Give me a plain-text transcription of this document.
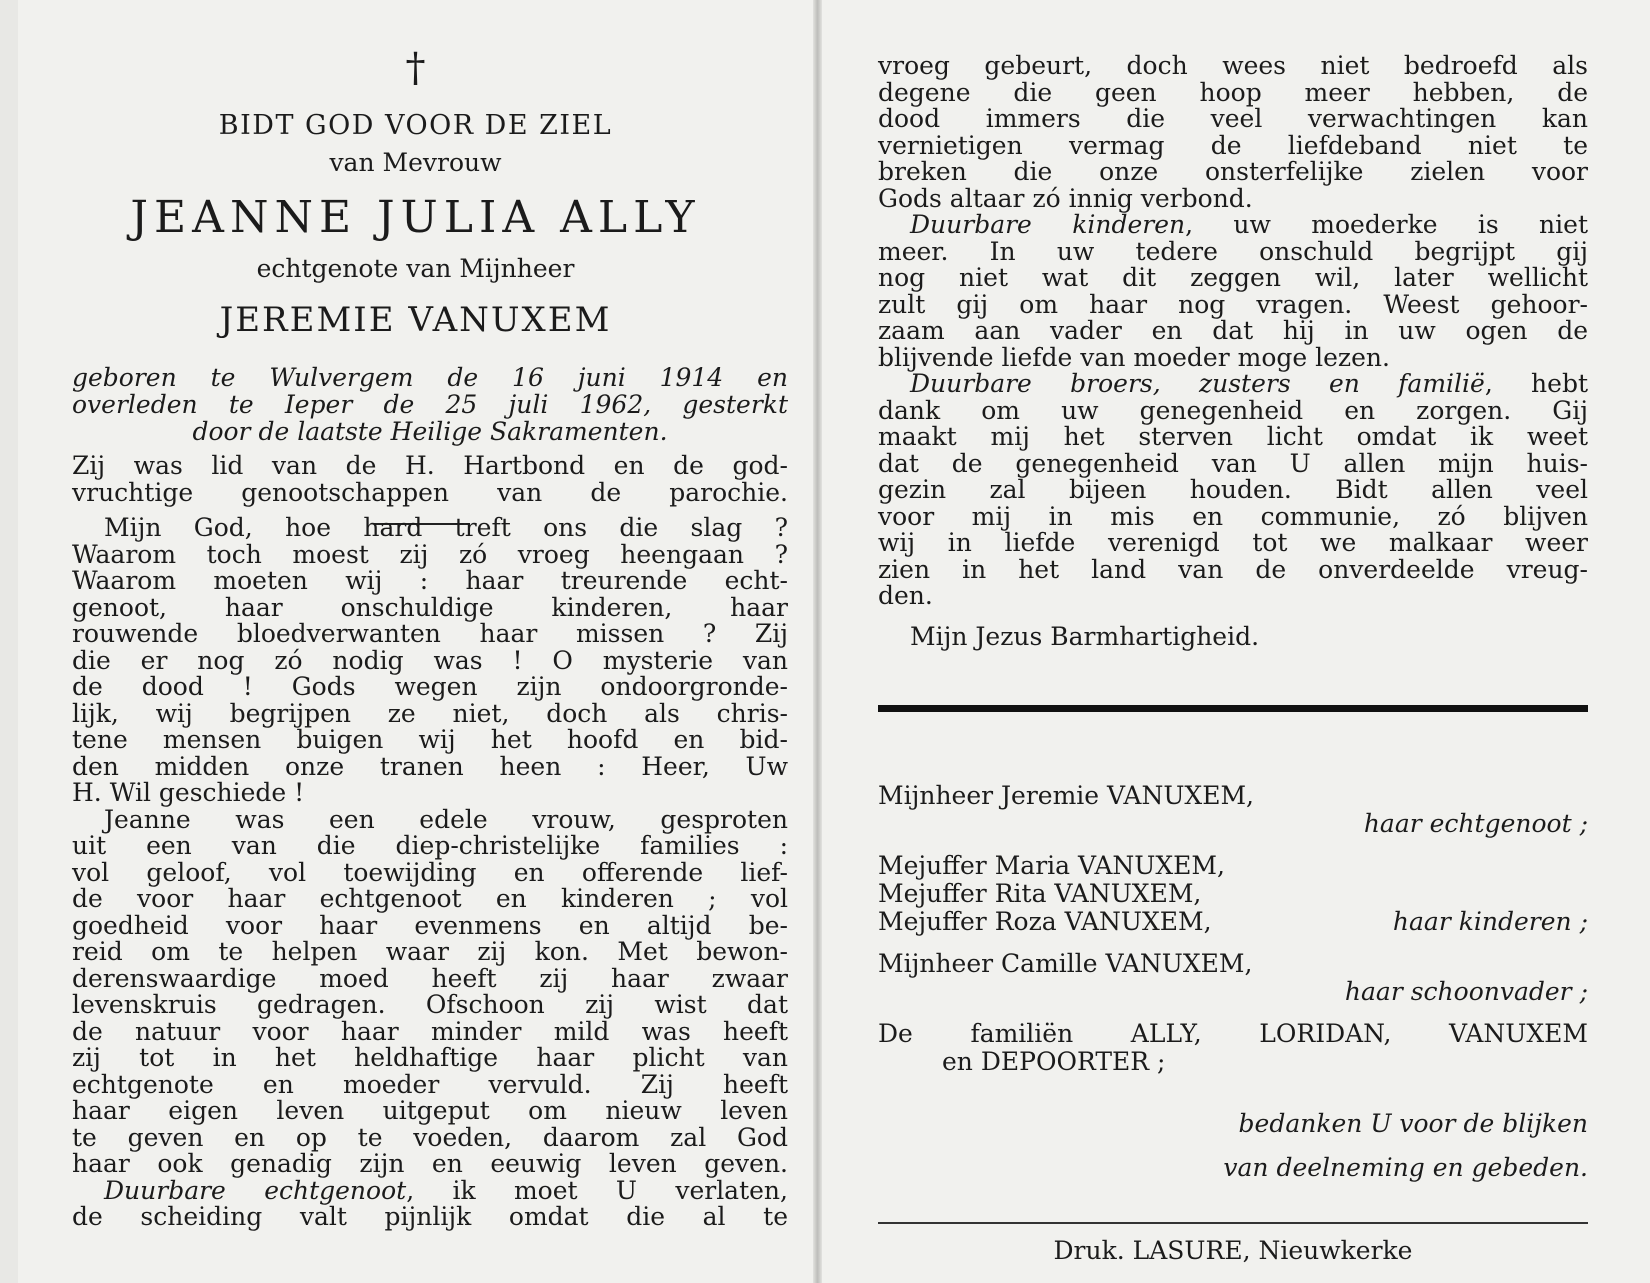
†
BIDT GOD VOOR DE ZIEL
van Mevrouw
JEANNE JULIA ALLY
echtgenote van Mijnheer
JEREMIE VANUXEM
geboren te Wulvergem de 16 juni 1914 en
overleden te Ieper de 25 juli 1962, gesterkt
door de laatste Heilige Sakramenten.
Zij was lid van de H. Hartbond en de god-
vruchtige genootschappen van de parochie.
Mijn God, hoe hard treft ons die slag ?
Waarom toch moest zij zó vroeg heengaan ?
Waarom moeten wij : haar treurende echt-
genoot, haar onschuldige kinderen, haar
rouwende bloedverwanten haar missen ? Zij
die er nog zó nodig was ! O mysterie van
de dood ! Gods wegen zijn ondoorgronde-
lijk, wij begrijpen ze niet, doch als chris-
tene mensen buigen wij het hoofd en bid-
den midden onze tranen heen : Heer, Uw
H. Wil geschiede !
Jeanne was een edele vrouw, gesproten
uit een van die diep-christelijke families :
vol geloof, vol toewijding en offerende lief-
de voor haar echtgenoot en kinderen ; vol
goedheid voor haar evenmens en altijd be-
reid om te helpen waar zij kon. Met bewon-
derenswaardige moed heeft zij haar zwaar
levenskruis gedragen. Ofschoon zij wist dat
de natuur voor haar minder mild was heeft
zij tot in het heldhaftige haar plicht van
echtgenote en moeder vervuld. Zij heeft
haar eigen leven uitgeput om nieuw leven
te geven en op te voeden, daarom zal God
haar ook genadig zijn en eeuwig leven geven.
Duurbare echtgenoot, ik moet U verlaten,
de scheiding valt pijnlijk omdat die al te
vroeg gebeurt, doch wees niet bedroefd als
degene die geen hoop meer hebben, de
dood immers die veel verwachtingen kan
vernietigen vermag de liefdeband niet te
breken die onze onsterfelijke zielen voor
Gods altaar zó innig verbond.
Duurbare kinderen, uw moederke is niet
meer. In uw tedere onschuld begrijpt gij
nog niet wat dit zeggen wil, later wellicht
zult gij om haar nog vragen. Weest gehoor-
zaam aan vader en dat hij in uw ogen de
blijvende liefde van moeder moge lezen.
Duurbare broers, zusters en familië, hebt
dank om uw genegenheid en zorgen. Gij
maakt mij het sterven licht omdat ik weet
dat de genegenheid van U allen mijn huis-
gezin zal bijeen houden. Bidt allen veel
voor mij in mis en communie, zó blijven
wij in liefde verenigd tot we malkaar weer
zien in het land van de onverdeelde vreug-
den.
Mijn Jezus Barmhartigheid.
Mijnheer Jeremie VANUXEM,
haar echtgenoot ;
Mejuffer Maria VANUXEM,
Mejuffer Rita VANUXEM,
Mejuffer Roza VANUXEM,	haar kinderen ;
Mijnheer Camille VANUXEM,
haar schoonvader ;
De familiën ALLY, LORIDAN, VANUXEM
en DEPOORTER ;
bedanken U voor de blijken
van deelneming en gebeden.
Druk. LASURE, Nieuwkerke
